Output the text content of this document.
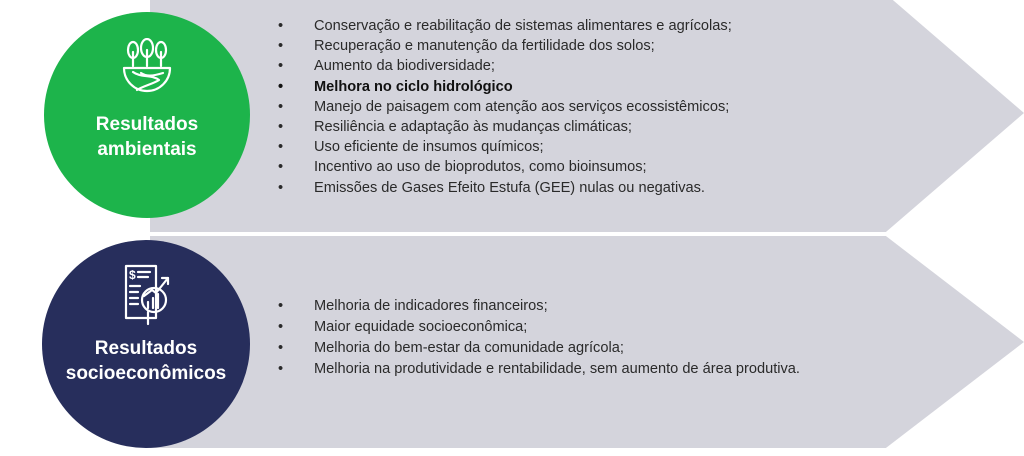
Resultados
ambientais
$
Resultados
socioeconômicos
• Conservação e reabilitação de sistemas alimentares e agrícolas;
• Recuperação e manutenção da fertilidade dos solos;
• Aumento da biodiversidade;
• Melhora no ciclo hidrológico
• Manejo de paisagem com atenção aos serviços ecossistêmicos;
• Resiliência e adaptação às mudanças climáticas;
• Uso eficiente de insumos químicos;
• Incentivo ao uso de bioprodutos, como bioinsumos;
• Emissões de Gases Efeito Estufa (GEE) nulas ou negativas.
• Melhoria de indicadores financeiros;
• Maior equidade socioeconômica;
• Melhoria do bem-estar da comunidade agrícola;
• Melhoria na produtividade e rentabilidade, sem aumento de área produtiva.
